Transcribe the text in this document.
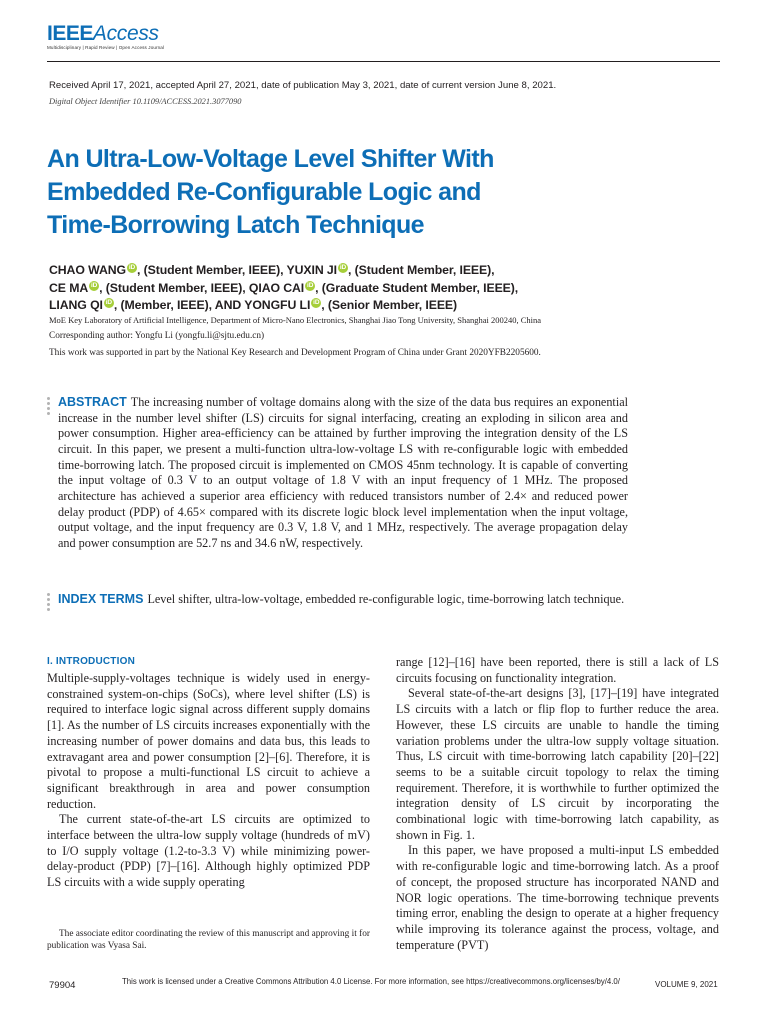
IEEEAccess
Multidisciplinary | Rapid Review | Open Access Journal
Received April 17, 2021, accepted April 27, 2021, date of publication May 3, 2021, date of current version June 8, 2021.
Digital Object Identifier 10.1109/ACCESS.2021.3077090
An Ultra-Low-Voltage Level Shifter With
Embedded Re-Configurable Logic and
Time-Borrowing Latch Technique
CHAO WANG iD , (Student Member, IEEE), YUXIN JI iD , (Student Member, IEEE),
CE MA iD , (Student Member, IEEE), QIAO CAI iD , (Graduate Student Member, IEEE),
LIANG QI iD , (Member, IEEE), AND YONGFU LI iD , (Senior Member, IEEE)
MoE Key Laboratory of Artificial Intelligence, Department of Micro-Nano Electronics, Shanghai Jiao Tong University, Shanghai 200240, China
Corresponding author: Yongfu Li (yongfu.li@sjtu.edu.cn)
This work was supported in part by the National Key Research and Development Program of China under Grant 2020YFB2205600.
ABSTRACT The increasing number of voltage domains along with the size of the data bus requires an exponential increase in the number level shifter (LS) circuits for signal interfacing, creating an exploding in silicon area and power consumption. Higher area-efficiency can be attained by further improving the integration density of the LS circuit. In this paper, we present a multi-function ultra-low-voltage LS with re-configurable logic with embedded time-borrowing latch. The proposed circuit is implemented on CMOS 45nm technology. It is capable of converting the input voltage of 0.3 V to an output voltage of 1.8 V with an input frequency of 1 MHz. The proposed architecture has achieved a superior area efficiency with reduced transistors number of 2.4× and reduced power delay product (PDP) of 4.65× compared with its discrete logic block level implementation when the input voltage, output voltage, and the input frequency are 0.3 V, 1.8 V, and 1 MHz, respectively. The average propagation delay and power consumption are 52.7 ns and 34.6 nW, respectively.
INDEX TERMS Level shifter, ultra-low-voltage, embedded re-configurable logic, time-borrowing latch technique.
I. INTRODUCTION

Multiple-supply-voltages technique is widely used in energy-constrained system-on-chips (SoCs), where level shifter (LS) is required to interface logic signal across different supply domains [1]. As the number of LS circuits increases exponentially with the increasing number of power domains and data bus, this leads to extravagant area and power consumption [2]–[6]. Therefore, it is pivotal to propose a multi-functional LS circuit to achieve a significant breakthrough in area and power consumption reduction.

The current state-of-the-art LS circuits are optimized to interface between the ultra-low supply voltage (hundreds of mV) to I/O supply voltage (1.2-to-3.3 V) while minimizing power-delay-product (PDP) [7]–[16]. Although highly optimized PDP LS circuits with a wide supply operating

range [12]–[16] have been reported, there is still a lack of LS circuits focusing on functionality integration.

Several state-of-the-art designs [3], [17]–[19] have integrated LS circuits with a latch or flip flop to further reduce the area. However, these LS circuits are unable to handle the timing variation problems under the ultra-low supply voltage situation. Thus, LS circuit with time-borrowing latch capability [20]–[22] seems to be a suitable circuit topology to relax the timing requirement. Therefore, it is worthwhile to further optimized the integration density of LS circuit by incorporating the combinational logic with time-borrowing latch capability, as shown in Fig. 1.

In this paper, we have proposed a multi-input LS embedded with re-configurable logic and time-borrowing latch. As a proof of concept, the proposed structure has incorporated NAND and NOR logic operations. The time-borrowing technique prevents timing error, enabling the design to operate at a higher frequency while improving its tolerance against the process, voltage, and temperature (PVT)

The associate editor coordinating the review of this manuscript and approving it for publication was Vyasa Sai.
79904	This work is licensed under a Creative Commons Attribution 4.0 License. For more information, see https://creativecommons.org/licenses/by/4.0/	VOLUME 9, 2021
